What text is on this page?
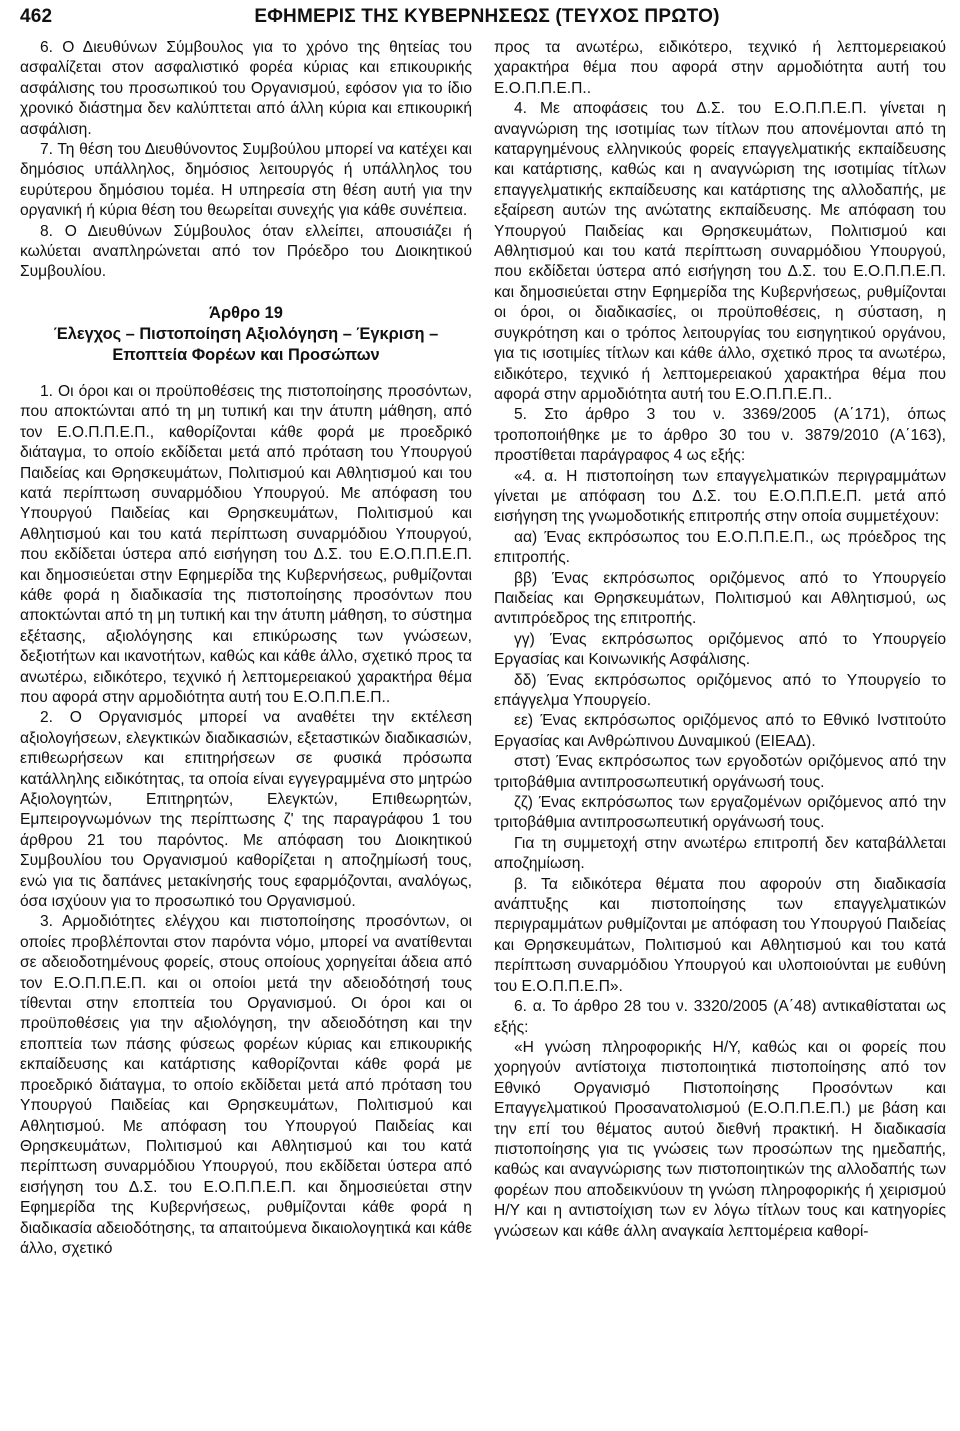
462	ΕΦΗΜΕΡΙΣ ΤΗΣ ΚΥΒΕΡΝΗΣΕΩΣ (ΤΕΥΧΟΣ ΠΡΩΤΟ)

6. Ο Διευθύνων Σύμβουλος για το χρόνο της θητείας του ασφαλίζεται στον ασφαλιστικό φορέα κύριας και επικουρικής ασφάλισης του προσωπικού του Οργανισμού, εφόσον για το ίδιο χρονικό διάστημα δεν καλύπτεται από άλλη κύρια και επικουρική ασφάλιση.

7. Τη θέση του Διευθύνοντος Συμβούλου μπορεί να κατέχει και δημόσιος υπάλληλος, δημόσιος λειτουργός ή υπάλληλος του ευρύτερου δημόσιου τομέα. Η υπηρεσία στη θέση αυτή για την οργανική ή κύρια θέση του θεωρείται συνεχής για κάθε συνέπεια.

8. Ο Διευθύνων Σύμβουλος όταν ελλείπει, απουσιάζει ή κωλύεται αναπληρώνεται από τον Πρόεδρο του Διοικητικού Συμβουλίου.

Άρθρο 19
Έλεγχος – Πιστοποίηση Αξιολόγηση – Έγκριση –
Εποπτεία Φορέων και Προσώπων

1. Οι όροι και οι προϋποθέσεις της πιστοποίησης προσόντων, που αποκτώνται από τη μη τυπική και την άτυπη μάθηση, από τον Ε.Ο.Π.Π.Ε.Π., καθορίζονται κάθε φορά με προεδρικό διάταγμα, το οποίο εκδίδεται μετά από πρόταση του Υπουργού Παιδείας και Θρησκευμάτων, Πολιτισμού και Αθλητισμού και του κατά περίπτωση συναρμόδιου Υπουργού. Με απόφαση του Υπουργού Παιδείας και Θρησκευμάτων, Πολιτισμού και Αθλητισμού και του κατά περίπτωση συναρμόδιου Υπουργού, που εκδίδεται ύστερα από εισήγηση του Δ.Σ. του Ε.Ο.Π.Π.Ε.Π. και δημοσιεύεται στην Εφημερίδα της Κυβερνήσεως, ρυθμίζονται κάθε φορά η διαδικασία της πιστοποίησης προσόντων που αποκτώνται από τη μη τυπική και την άτυπη μάθηση, το σύστημα εξέτασης, αξιολόγησης και επικύρωσης των γνώσεων, δεξιοτήτων και ικανοτήτων, καθώς και κάθε άλλο, σχετικό προς τα ανωτέρω, ειδικότερο, τεχνικό ή λεπτομερειακού χαρακτήρα θέμα που αφορά στην αρμοδιότητα αυτή του Ε.Ο.Π.Π.Ε.Π..

2. Ο Οργανισμός μπορεί να αναθέτει την εκτέλεση αξιολογήσεων, ελεγκτικών διαδικασιών, εξεταστικών διαδικασιών, επιθεωρήσεων και επιτηρήσεων σε φυσικά πρόσωπα κατάλληλης ειδικότητας, τα οποία είναι εγγεγραμμένα στο μητρώο Αξιολογητών, Επιτηρητών, Ελεγκτών, Επιθεωρητών, Εμπειρογνωμόνων της περίπτωσης ζ' της παραγράφου 1 του άρθρου 21 του παρόντος. Με απόφαση του Διοικητικού Συμβουλίου του Οργανισμού καθορίζεται η αποζημίωσή τους, ενώ για τις δαπάνες μετακίνησής τους εφαρμόζονται, αναλόγως, όσα ισχύουν για το προσωπικό του Οργανισμού.

3. Αρμοδιότητες ελέγχου και πιστοποίησης προσόντων, οι οποίες προβλέπονται στον παρόντα νόμο, μπορεί να ανατίθενται σε αδειοδοτημένους φορείς, στους οποίους χορηγείται άδεια από τον Ε.Ο.Π.Π.Ε.Π. και οι οποίοι μετά την αδειοδότησή τους τίθενται στην εποπτεία του Οργανισμού. Οι όροι και οι προϋποθέσεις για την αξιολόγηση, την αδειοδότηση και την εποπτεία των πάσης φύσεως φορέων κύριας και επικουρικής εκπαίδευσης και κατάρτισης καθορίζονται κάθε φορά με προεδρικό διάταγμα, το οποίο εκδίδεται μετά από πρόταση του Υπουργού Παιδείας και Θρησκευμάτων, Πολιτισμού και Αθλητισμού. Με απόφαση του Υπουργού Παιδείας και Θρησκευμάτων, Πολιτισμού και Αθλητισμού και του κατά περίπτωση συναρμόδιου Υπουργού, που εκδίδεται ύστερα από εισήγηση του Δ.Σ. του Ε.Ο.Π.Π.Ε.Π. και δημοσιεύεται στην Εφημερίδα της Κυβερνήσεως, ρυθμίζονται κάθε φορά η διαδικασία αδειοδότησης, τα απαιτούμενα δικαιολογητικά και κάθε άλλο, σχετικό

προς τα ανωτέρω, ειδικότερο, τεχνικό ή λεπτομερειακού χαρακτήρα θέμα που αφορά στην αρμοδιότητα αυτή του Ε.Ο.Π.Π.Ε.Π..

4. Με αποφάσεις του Δ.Σ. του Ε.Ο.Π.Π.Ε.Π. γίνεται η αναγνώριση της ισοτιμίας των τίτλων που απονέμονται από τη καταργημένους ελληνικούς φορείς επαγγελματικής εκπαίδευσης και κατάρτισης, καθώς και η αναγνώριση της ισοτιμίας τίτλων επαγγελματικής εκπαίδευσης και κατάρτισης της αλλοδαπής, με εξαίρεση αυτών της ανώτατης εκπαίδευσης. Με απόφαση του Υπουργού Παιδείας και Θρησκευμάτων, Πολιτισμού και Αθλητισμού και του κατά περίπτωση συναρμόδιου Υπουργού, που εκδίδεται ύστερα από εισήγηση του Δ.Σ. του Ε.Ο.Π.Π.Ε.Π. και δημοσιεύεται στην Εφημερίδα της Κυβερνήσεως, ρυθμίζονται οι όροι, οι διαδικασίες, οι προϋποθέσεις, η σύσταση, η συγκρότηση και ο τρόπος λειτουργίας του εισηγητικού οργάνου, για τις ισοτιμίες τίτλων και κάθε άλλο, σχετικό προς τα ανωτέρω, ειδικότερο, τεχνικό ή λεπτομερειακού χαρακτήρα θέμα που αφορά στην αρμοδιότητα αυτή του Ε.Ο.Π.Π.Ε.Π..

5. Στο άρθρο 3 του ν. 3369/2005 (Α΄171), όπως τροποποιήθηκε με το άρθρο 30 του ν. 3879/2010 (Α΄163), προστίθεται παράγραφος 4 ως εξής:

«4. α. Η πιστοποίηση των επαγγελματικών περιγραμμάτων γίνεται με απόφαση του Δ.Σ. του Ε.Ο.Π.Π.Ε.Π. μετά από εισήγηση της γνωμοδοτικής επιτροπής στην οποία συμμετέχουν:

αα) Ένας εκπρόσωπος του Ε.Ο.Π.Π.Ε.Π., ως πρόεδρος της επιτροπής.

ββ) Ένας εκπρόσωπος οριζόμενος από το Υπουργείο Παιδείας και Θρησκευμάτων, Πολιτισμού και Αθλητισμού, ως αντιπρόεδρος της επιτροπής.

γγ) Ένας εκπρόσωπος οριζόμενος από το Υπουργείο Εργασίας και Κοινωνικής Ασφάλισης.

δδ) Ένας εκπρόσωπος οριζόμενος από το Υπουργείο το επάγγελμα Υπουργείο.

εε) Ένας εκπρόσωπος οριζόμενος από το Εθνικό Ινστιτούτο Εργασίας και Ανθρώπινου Δυναμικού (ΕΙΕΑΔ).

στστ) Ένας εκπρόσωπος των εργοδοτών οριζόμενος από την τριτοβάθμια αντιπροσωπευτική οργάνωσή τους.

ζζ) Ένας εκπρόσωπος των εργαζομένων οριζόμενος από την τριτοβάθμια αντιπροσωπευτική οργάνωσή τους.

Για τη συμμετοχή στην ανωτέρω επιτροπή δεν καταβάλλεται αποζημίωση.

β. Τα ειδικότερα θέματα που αφορούν στη διαδικασία ανάπτυξης και πιστοποίησης των επαγγελματικών περιγραμμάτων ρυθμίζονται με απόφαση του Υπουργού Παιδείας και Θρησκευμάτων, Πολιτισμού και Αθλητισμού και του κατά περίπτωση συναρμόδιου Υπουργού και υλοποιούνται με ευθύνη του Ε.Ο.Π.Π.Ε.Π».

6. α. Το άρθρο 28 του ν. 3320/2005 (Α΄48) αντικαθίσταται ως εξής:

«Η γνώση πληροφορικής Η/Υ, καθώς και οι φορείς που χορηγούν αντίστοιχα πιστοποιητικά πιστοποίησης από τον Εθνικό Οργανισμό Πιστοποίησης Προσόντων και Επαγγελματικού Προσανατολισμού (Ε.Ο.Π.Π.Ε.Π.) με βάση και την επί του θέματος αυτού διεθνή πρακτική. Η διαδικασία πιστοποίησης για τις γνώσεις των προσώπων της ημεδαπής, καθώς και αναγνώρισης των πιστοποιητικών της αλλοδαπής των φορέων που αποδεικνύουν τη γνώση πληροφορικής ή χειρισμού Η/Υ και η αντιστοίχιση των εν λόγω τίτλων τους και κατηγορίες γνώσεων και κάθε άλλη αναγκαία λεπτομέρεια καθορί-
